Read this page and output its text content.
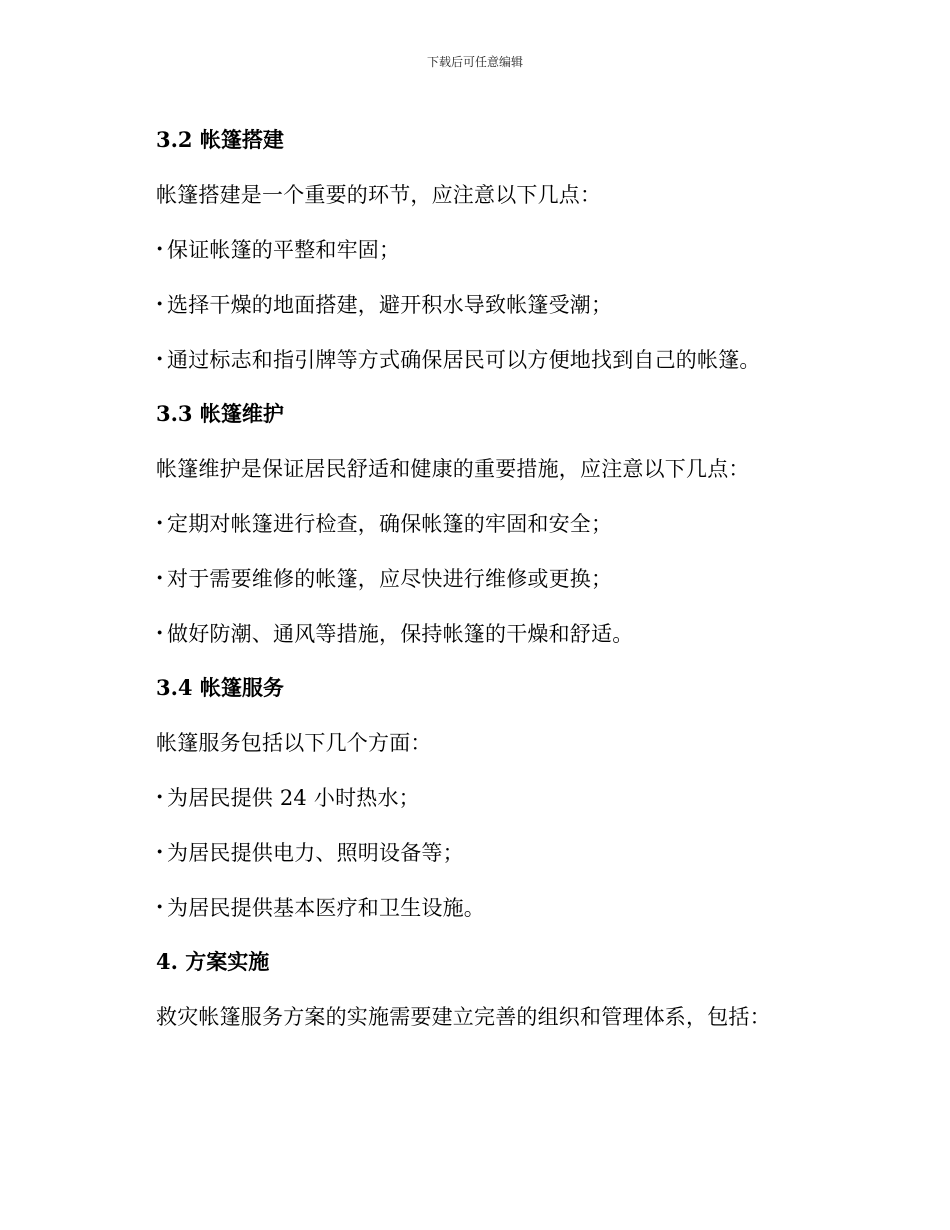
下载后可任意编辑
3.2 帐篷搭建
帐篷搭建是一个重要的环节，应注意以下几点：
· 保证帐篷的平整和牢固；
· 选择干燥的地面搭建，避开积水导致帐篷受潮；
· 通过标志和指引牌等方式确保居民可以方便地找到自己的帐篷。
3.3 帐篷维护
帐篷维护是保证居民舒适和健康的重要措施，应注意以下几点：
· 定期对帐篷进行检查，确保帐篷的牢固和安全；
· 对于需要维修的帐篷，应尽快进行维修或更换；
· 做好防潮、通风等措施，保持帐篷的干燥和舒适。
3.4 帐篷服务
帐篷服务包括以下几个方面：
· 为居民提供 24 小时热水；
· 为居民提供电力、照明设备等；
· 为居民提供基本医疗和卫生设施。
4. 方案实施
救灾帐篷服务方案的实施需要建立完善的组织和管理体系，包括：
